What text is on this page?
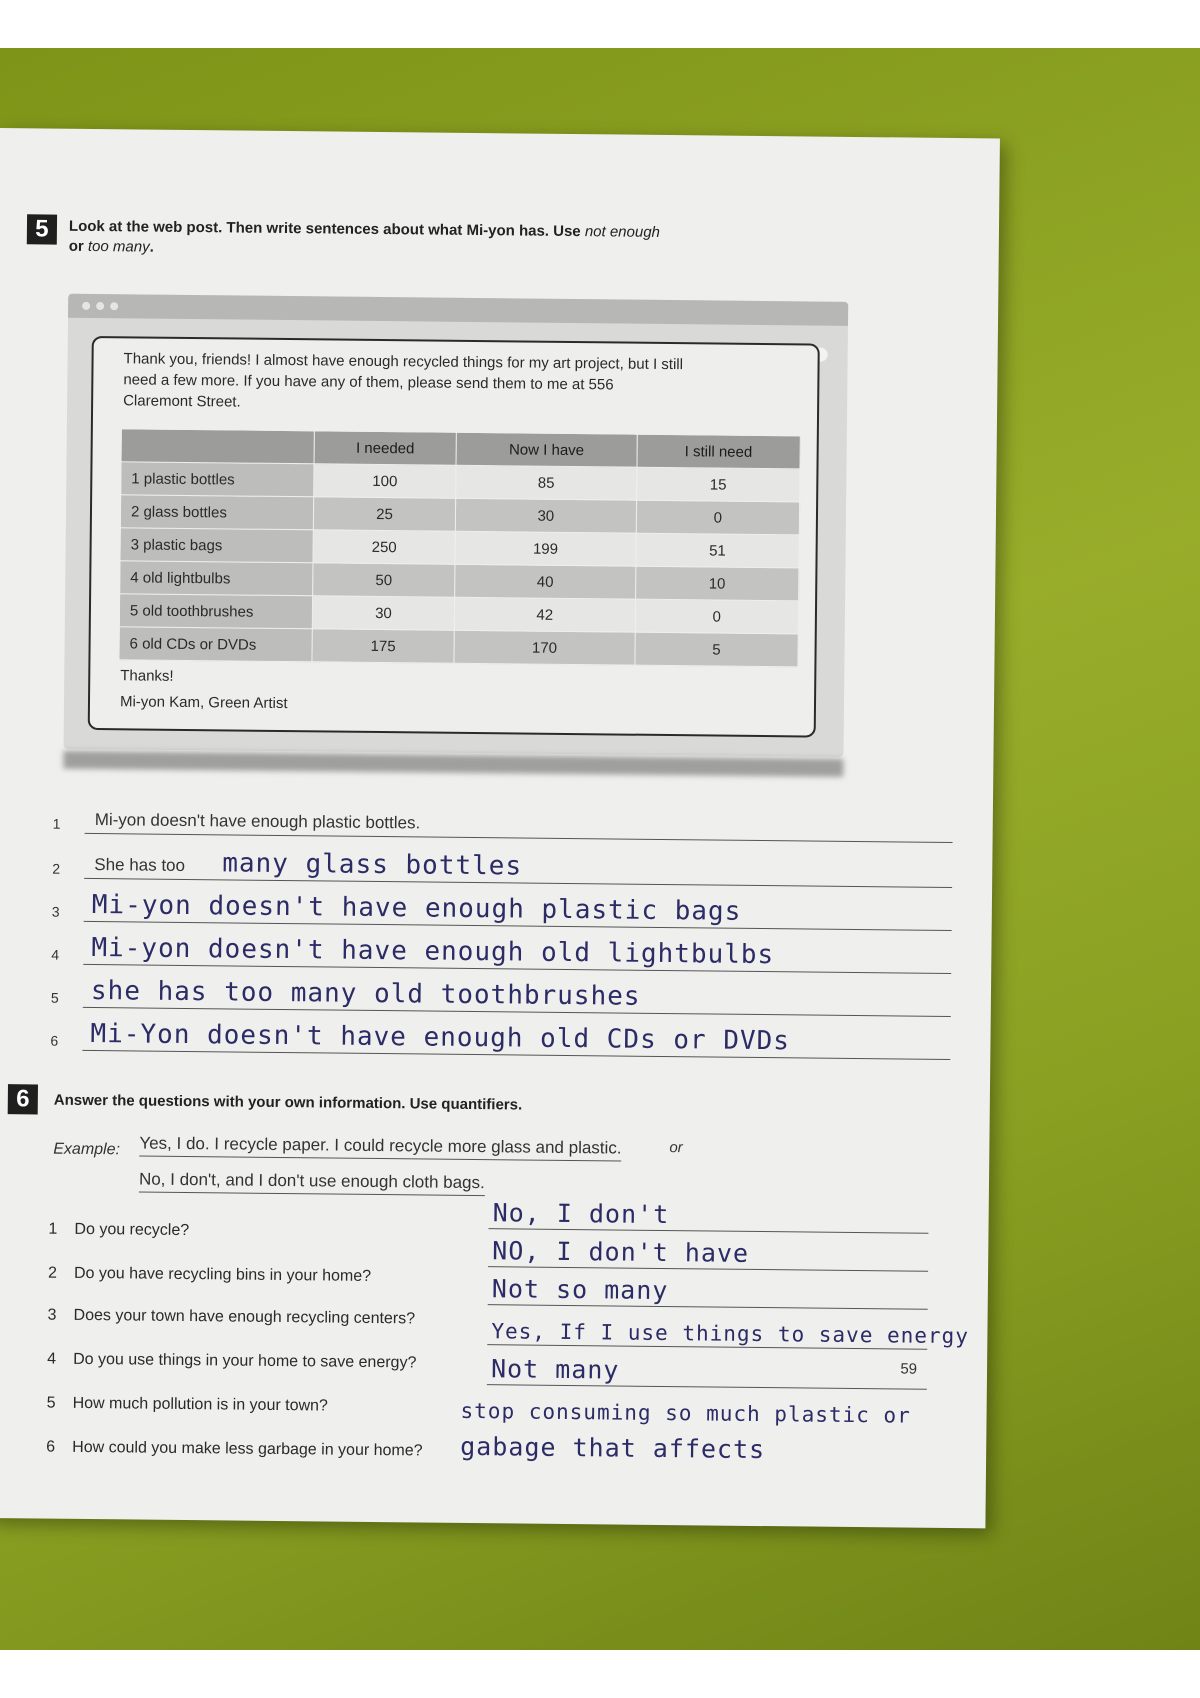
5	Look at the web post. Then write sentences about what Mi-yon has. Use not enough
or too many.
Thank you, friends! I almost have enough recycled things for my art project, but I still need a few more. If you have any of them, please send them to me at 556 Claremont Street.
	I needed	Now I have	I still need
1 plastic bottles	100	85	15
2 glass bottles	25	30	0
3 plastic bags	250	199	51
4 old lightbulbs	50	40	10
5 old toothbrushes	30	42	0
6 old CDs or DVDs	175	170	5
Thanks!
Mi-yon Kam, Green Artist
1 Mi-yon doesn't have enough plastic bottles.
2 She has too many glass bottles
3 Mi-yon doesn't have enough plastic bags
4 Mi-yon doesn't have enough old lightbulbs
5 she has too many old toothbrushes
6 Mi-Yon doesn't have enough old CDs or DVDs
6	Answer the questions with your own information. Use quantifiers.
Example: Yes, I do. I recycle paper. I could recycle more glass and plastic.	or
No, I don't, and I don't use enough cloth bags.
1 Do you recycle?
No, I don't
2 Do you have recycling bins in your home?
NO, I don't have
3 Does your town have enough recycling centers?
Not so many
4 Do you use things in your home to save energy?
Yes, If I use things to save energy
5 How much pollution is in your town?
Not many
6 How could you make less garbage in your home?
stop consuming so much plastic or
gabage that affects
59
